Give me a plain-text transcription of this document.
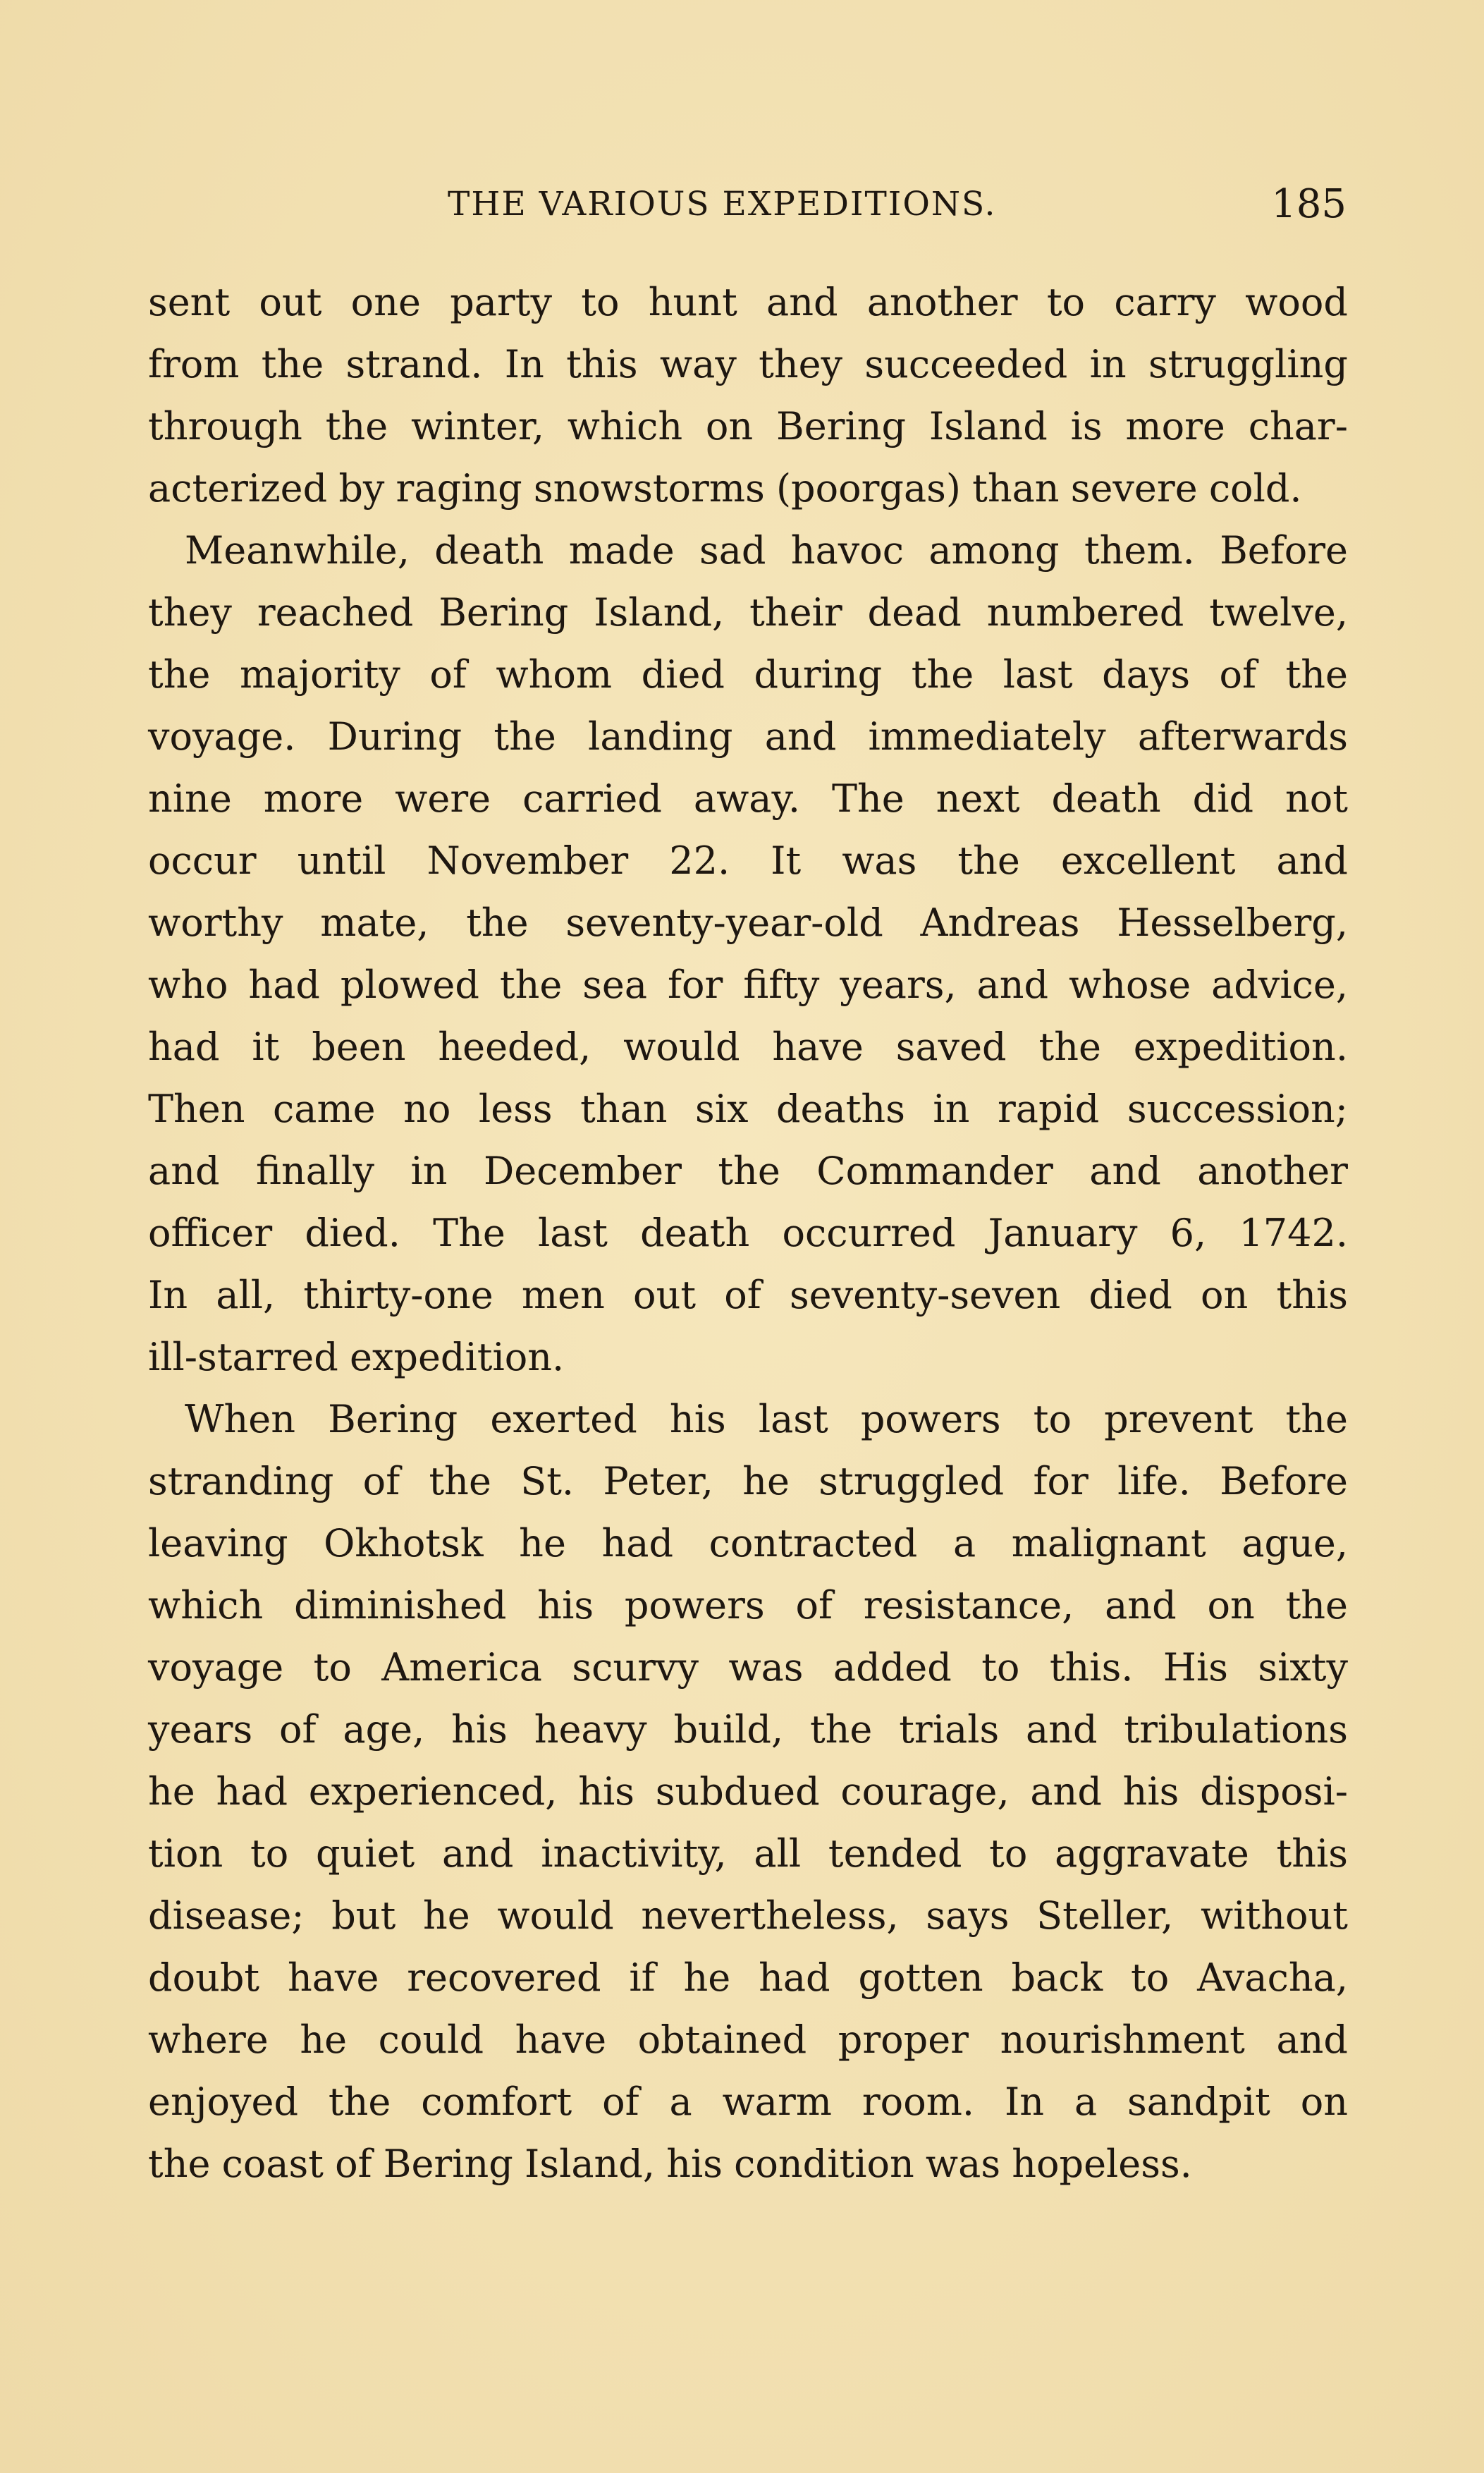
THE VARIOUS EXPEDITIONS.	185
sent out one party to hunt and another to carry wood
from the strand. In this way they succeeded in struggling
through the winter, which on Bering Island is more char-
acterized by raging snowstorms (poorgas) than severe cold.
Meanwhile, death made sad havoc among them. Before
they reached Bering Island, their dead numbered twelve,
the majority of whom died during the last days of the
voyage. During the landing and immediately afterwards
nine more were carried away. The next death did not
occur until November 22. It was the excellent and
worthy mate, the seventy-year-old Andreas Hesselberg,
who had plowed the sea for fifty years, and whose advice,
had it been heeded, would have saved the expedition.
Then came no less than six deaths in rapid succession;
and finally in December the Commander and another
officer died. The last death occurred January 6, 1742.
In all, thirty-one men out of seventy-seven died on this
ill-starred expedition.
When Bering exerted his last powers to prevent the
stranding of the St. Peter, he struggled for life. Before
leaving Okhotsk he had contracted a malignant ague,
which diminished his powers of resistance, and on the
voyage to America scurvy was added to this. His sixty
years of age, his heavy build, the trials and tribulations
he had experienced, his subdued courage, and his disposi-
tion to quiet and inactivity, all tended to aggravate this
disease; but he would nevertheless, says Steller, without
doubt have recovered if he had gotten back to Avacha,
where he could have obtained proper nourishment and
enjoyed the comfort of a warm room. In a sandpit on
the coast of Bering Island, his condition was hopeless.
